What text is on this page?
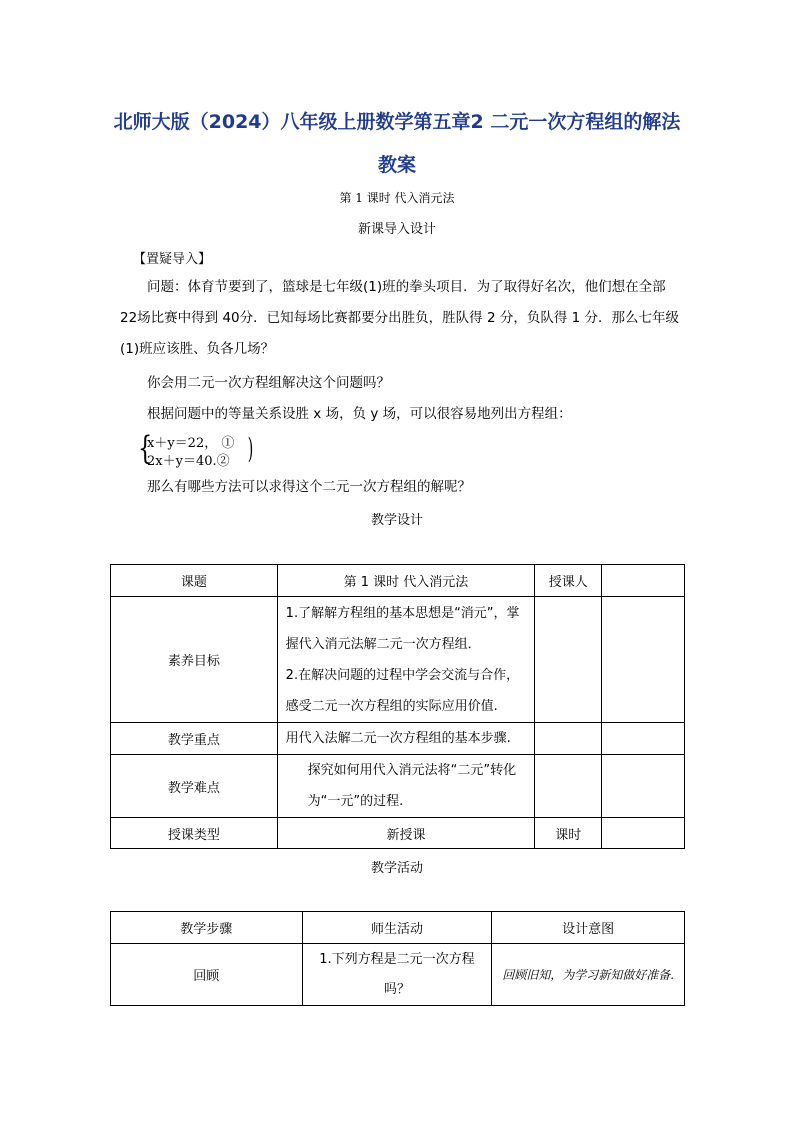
北师大版（2024）八年级上册数学第五章2 二元一次方程组的解法
教案
第 1 课时 代入消元法
新课导入设计
【置疑导入】
问题：体育节要到了，篮球是七年级(1)班的拳头项目．为了取得好名次，他们想在全部22场比赛中得到 40分．已知每场比赛都要分出胜负，胜队得 2 分，负队得 1 分．那么七年级(1)班应该胜、负各几场？
你会用二元一次方程组解决这个问题吗？
根据问题中的等量关系设胜 x 场，负 y 场，可以很容易地列出方程组：
{
x＋y＝22， ①
2x＋y＝40.② )
那么有哪些方法可以求得这个二元一次方程组的解呢？
教学设计
课题	第 1 课时 代入消元法	授课人	
素养目标	1.了解解方程组的基本思想是“消元”，掌握代入消元法解二元一次方程组．
2.在解决问题的过程中学会交流与合作，感受二元一次方程组的实际应用价值.		

教学重点	用代入法解二元一次方程组的基本步骤.		
教学难点	探究如何用代入消元法将“二元”转化为“一元”的过程.		
授课类型	新授课	课时	
教学活动
教学步骤	师生活动	设计意图
回顾	1.下列方程是二元一次方程吗？	回顾旧知，为学习新知做好准备.
